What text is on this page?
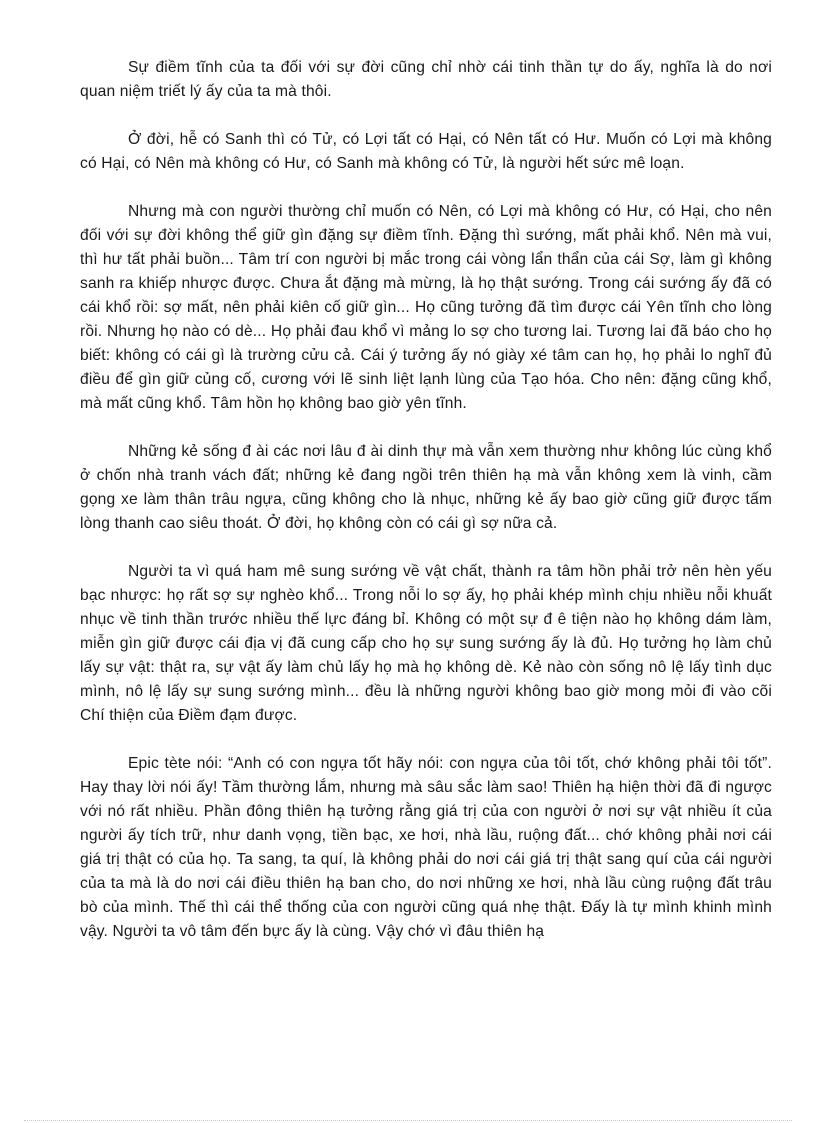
Sự điềm tĩnh của ta đối với sự đời cũng chỉ nhờ cái tinh thần tự do ấy, nghĩa là do nơi quan niệm triết lý ấy của ta mà thôi.

Ở đời, hễ có Sanh thì có Tử, có Lợi tất có Hại, có Nên tất có Hư. Muốn có Lợi mà không có Hại, có Nên mà không có Hư, có Sanh mà không có Tử, là người hết sức mê loạn.

Nhưng mà con người thường chỉ muốn có Nên, có Lợi mà không có Hư, có Hại, cho nên đối với sự đời không thể giữ gìn đặng sự điềm tĩnh. Đặng thì sướng, mất phải khổ. Nên mà vui, thì hư tất phải buồn... Tâm trí con người bị mắc trong cái vòng lẩn thẩn của cái Sợ, làm gì không sanh ra khiếp nhược được. Chưa ắt đặng mà mừng, là họ thật sướng. Trong cái sướng ấy đã có cái khổ rồi: sợ mất, nên phải kiên cố giữ gìn... Họ cũng tưởng đã tìm được cái Yên tĩnh cho lòng rồi. Nhưng họ nào có dè... Họ phải đau khổ vì mảng lo sợ cho tương lai. Tương lai đã báo cho họ biết: không có cái gì là trường cửu cả. Cái ý tưởng ấy nó giày xé tâm can họ, họ phải lo nghĩ đủ điều để gìn giữ củng cố, cương với lẽ sinh liệt lạnh lùng của Tạo hóa. Cho nên: đặng cũng khổ, mà mất cũng khổ. Tâm hồn họ không bao giờ yên tĩnh.

Những kẻ sống đ ài các nơi lâu đ ài dinh thự mà vẫn xem thường như không lúc cùng khổ ở chốn nhà tranh vách đất; những kẻ đang ngồi trên thiên hạ mà vẫn không xem là vinh, cầm gọng xe làm thân trâu ngựa, cũng không cho là nhục, những kẻ ấy bao giờ cũng giữ được tấm lòng thanh cao siêu thoát. Ở đời, họ không còn có cái gì sợ nữa cả.

Người ta vì quá ham mê sung sướng về vật chất, thành ra tâm hồn phải trở nên hèn yếu bạc nhược: họ rất sợ sự nghèo khổ... Trong nỗi lo sợ ấy, họ phải khép mình chịu nhiều nỗi khuất nhục về tinh thần trước nhiều thế lực đáng bỉ. Không có một sự đ ê tiện nào họ không dám làm, miễn gìn giữ được cái địa vị đã cung cấp cho họ sự sung sướng ấy là đủ. Họ tưởng họ làm chủ lấy sự vật: thật ra, sự vật ấy làm chủ lấy họ mà họ không dè. Kẻ nào còn sống nô lệ lấy tình dục mình, nô lệ lấy sự sung sướng mình... đều là những người không bao giờ mong mỏi đi vào cõi Chí thiện của Điềm đạm được.

Epic tète nói: “Anh có con ngựa tốt hãy nói: con ngựa của tôi tốt, chớ không phải tôi tốt”. Hay thay lời nói ấy! Tầm thường lắm, nhưng mà sâu sắc làm sao! Thiên hạ hiện thời đã đi ngược với nó rất nhiều. Phần đông thiên hạ tưởng rằng giá trị của con người ở nơi sự vật nhiều ít của người ấy tích trữ, như danh vọng, tiền bạc, xe hơi, nhà lầu, ruộng đất... chớ không phải nơi cái giá trị thật có của họ. Ta sang, ta quí, là không phải do nơi cái giá trị thật sang quí của cái người của ta mà là do nơi cái điều thiên hạ ban cho, do nơi những xe hơi, nhà lầu cùng ruộng đất trâu bò của mình. Thế thì cái thể thống của con người cũng quá nhẹ thật. Đấy là tự mình khinh mình vậy. Người ta vô tâm đến bực ấy là cùng. Vậy chớ vì đâu thiên hạ
